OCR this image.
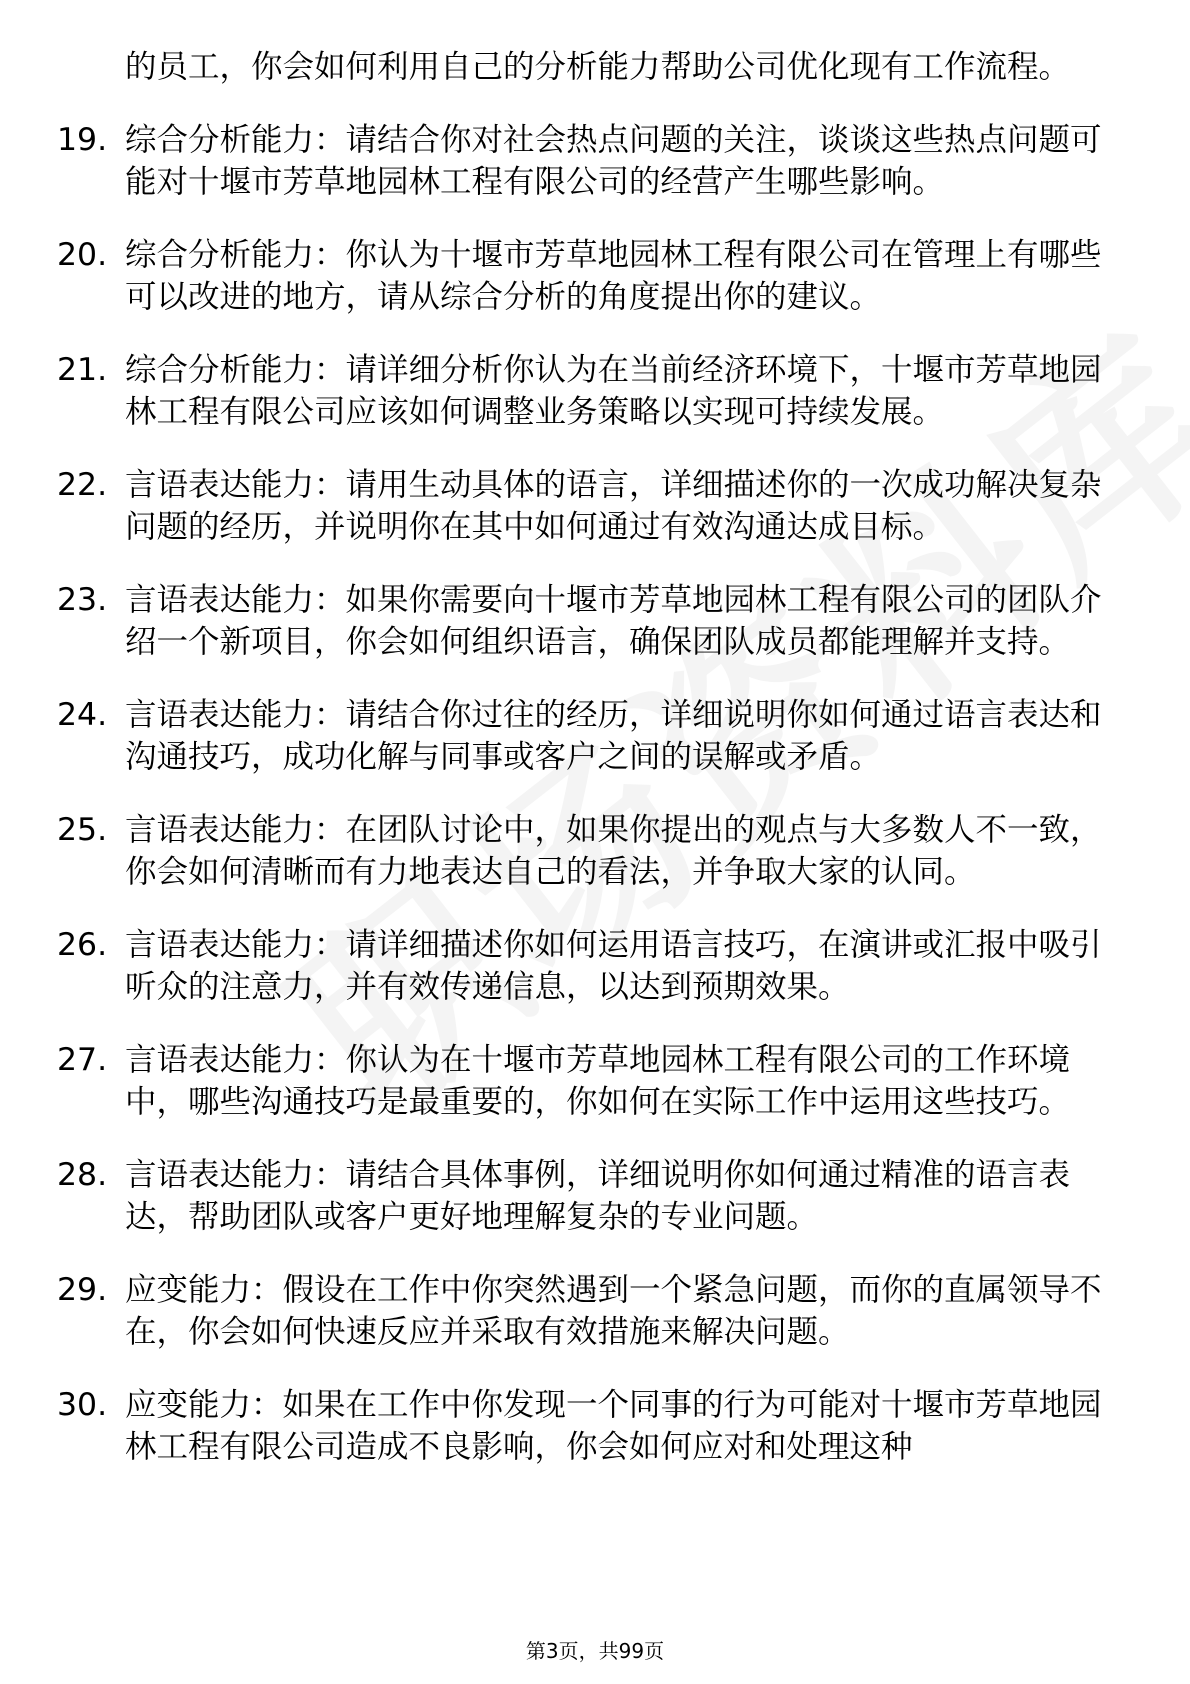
的员工，你会如何利用自己的分析能力帮助公司优化现有工作流程。
19. 综合分析能力：请结合你对社会热点问题的关注，谈谈这些热点问题可能对十堰市芳草地园林工程有限公司的经营产生哪些影响。
20. 综合分析能力：你认为十堰市芳草地园林工程有限公司在管理上有哪些可以改进的地方，请从综合分析的角度提出你的建议。
21. 综合分析能力：请详细分析你认为在当前经济环境下，十堰市芳草地园林工程有限公司应该如何调整业务策略以实现可持续发展。
22. 言语表达能力：请用生动具体的语言，详细描述你的一次成功解决复杂问题的经历，并说明你在其中如何通过有效沟通达成目标。
23. 言语表达能力：如果你需要向十堰市芳草地园林工程有限公司的团队介绍一个新项目，你会如何组织语言，确保团队成员都能理解并支持。
24. 言语表达能力：请结合你过往的经历，详细说明你如何通过语言表达和沟通技巧，成功化解与同事或客户之间的误解或矛盾。
25. 言语表达能力：在团队讨论中，如果你提出的观点与大多数人不一致，你会如何清晰而有力地表达自己的看法，并争取大家的认同。
26. 言语表达能力：请详细描述你如何运用语言技巧，在演讲或汇报中吸引听众的注意力，并有效传递信息，以达到预期效果。
27. 言语表达能力：你认为在十堰市芳草地园林工程有限公司的工作环境中，哪些沟通技巧是最重要的，你如何在实际工作中运用这些技巧。
28. 言语表达能力：请结合具体事例，详细说明你如何通过精准的语言表达，帮助团队或客户更好地理解复杂的专业问题。
29. 应变能力：假设在工作中你突然遇到一个紧急问题，而你的直属领导不在，你会如何快速反应并采取有效措施来解决问题。
30. 应变能力：如果在工作中你发现一个同事的行为可能对十堰市芳草地园林工程有限公司造成不良影响，你会如何应对和处理这种
第3页，共99页
